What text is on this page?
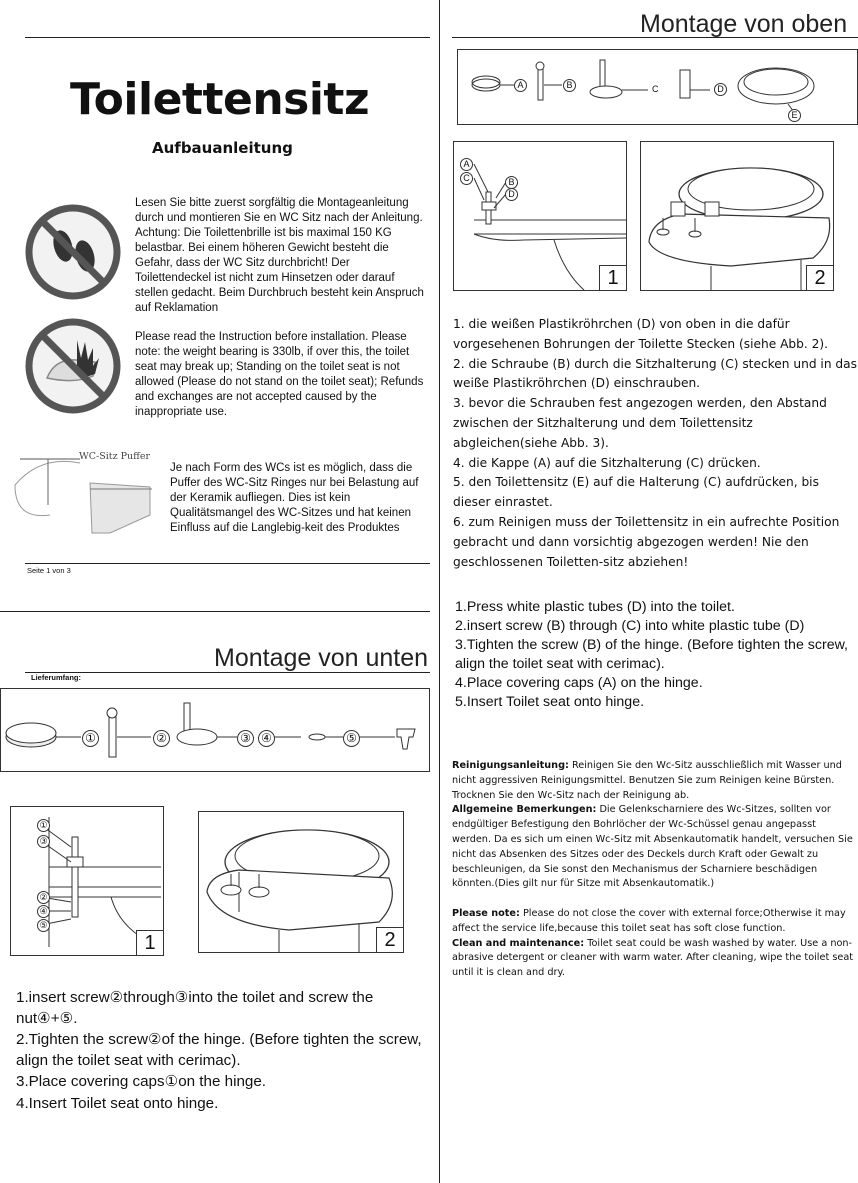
Toilettensitz
Aufbauanleitung
Lesen Sie bitte zuerst sorgfältig die Montageanleitung durch und montieren Sie en WC Sitz nach der Anleitung. Achtung: Die Toilettenbrille ist bis maximal 150 KG belastbar. Bei einem höheren Gewicht besteht die Gefahr, dass der WC Sitz durchbricht! Der Toilettendeckel ist nicht zum Hinsetzen oder darauf stellen gedacht. Beim Durchbruch besteht kein Anspruch auf Reklamation
Please read the Instruction before installation. Please note: the weight bearing is 330lb, if over this, the toilet seat may break up; Standing on the toilet seat is not allowed (Please do not stand on the toilet seat); Refunds and exchanges are not accepted caused by the inappropriate use.
WC-Sitz Puffer
Je nach Form des WCs ist es möglich, dass die Puffer des WC-Sitz Ringes nur bei Belastung auf der Keramik aufliegen. Dies ist kein Qualitätsmangel des WC-Sitzes und hat keinen Einfluss auf die Langlebig-keit des Produktes
Seite 1 von 3
Montage von unten
Lieferumfang:
①	②	③ ④	⑤
①
③
②
④
⑤
1	2
1.insert screw②through③into the toilet and screw the nut④+⑤.
2.Tighten the screw②of the hinge. (Before tighten the screw, align the toilet seat with cerimac).
3.Place covering caps①on the hinge.
4.Insert Toilet seat onto hinge.
Montage von oben
A	B	C	D
E
A
C	B
D
1	2
1. die weißen Plastikröhrchen (D) von oben in die dafür vorgesehenen Bohrungen der Toilette Stecken (siehe Abb. 2).
2. die Schraube (B) durch die Sitzhalterung (C) stecken und in das weiße Plastikröhrchen (D) einschrauben.
3. bevor die Schrauben fest angezogen werden, den Abstand zwischen der Sitzhalterung und dem Toilettensitz abgleichen(siehe Abb. 3).
4. die Kappe (A) auf die Sitzhalterung (C) drücken.
5. den Toilettensitz (E) auf die Halterung (C) aufdrücken, bis dieser einrastet.
6. zum Reinigen muss der Toilettensitz in ein aufrechte Position gebracht und dann vorsichtig abgezogen werden! Nie den geschlossenen Toiletten-sitz abziehen!
1.Press white plastic tubes (D) into the toilet.
2.insert screw (B) through (C) into white plastic tube (D)
3.Tighten the screw (B) of the hinge. (Before tighten the screw, align the toilet seat with cerimac).
4.Place covering caps (A) on the hinge.
5.Insert Toilet seat onto hinge.
Reinigungsanleitung: Reinigen Sie den Wc-Sitz ausschließlich mit Wasser und nicht aggressiven Reinigungsmittel. Benutzen Sie zum Reinigen keine Bürsten. Trocknen Sie den Wc-Sitz nach der Reinigung ab.
Allgemeine Bemerkungen: Die Gelenkscharniere des Wc-Sitzes, sollten vor endgültiger Befestigung den Bohrlöcher der Wc-Schüssel genau angepasst werden. Da es sich um einen Wc-Sitz mit Absenkautomatik handelt, versuchen Sie nicht das Absenken des Sitzes oder des Deckels durch Kraft oder Gewalt zu beschleunigen, da Sie sonst den Mechanismus der Scharniere beschädigen könnten.(Dies gilt nur für Sitze mit Absenkautomatik.)
Please note: Please do not close the cover with external force;Otherwise it may affect the service life,because this toilet seat has soft close function.
Clean and maintenance: Toilet seat could be wash washed by water. Use a non-abrasive detergent or cleaner with warm water. After cleaning, wipe the toilet seat until it is clean and dry.
